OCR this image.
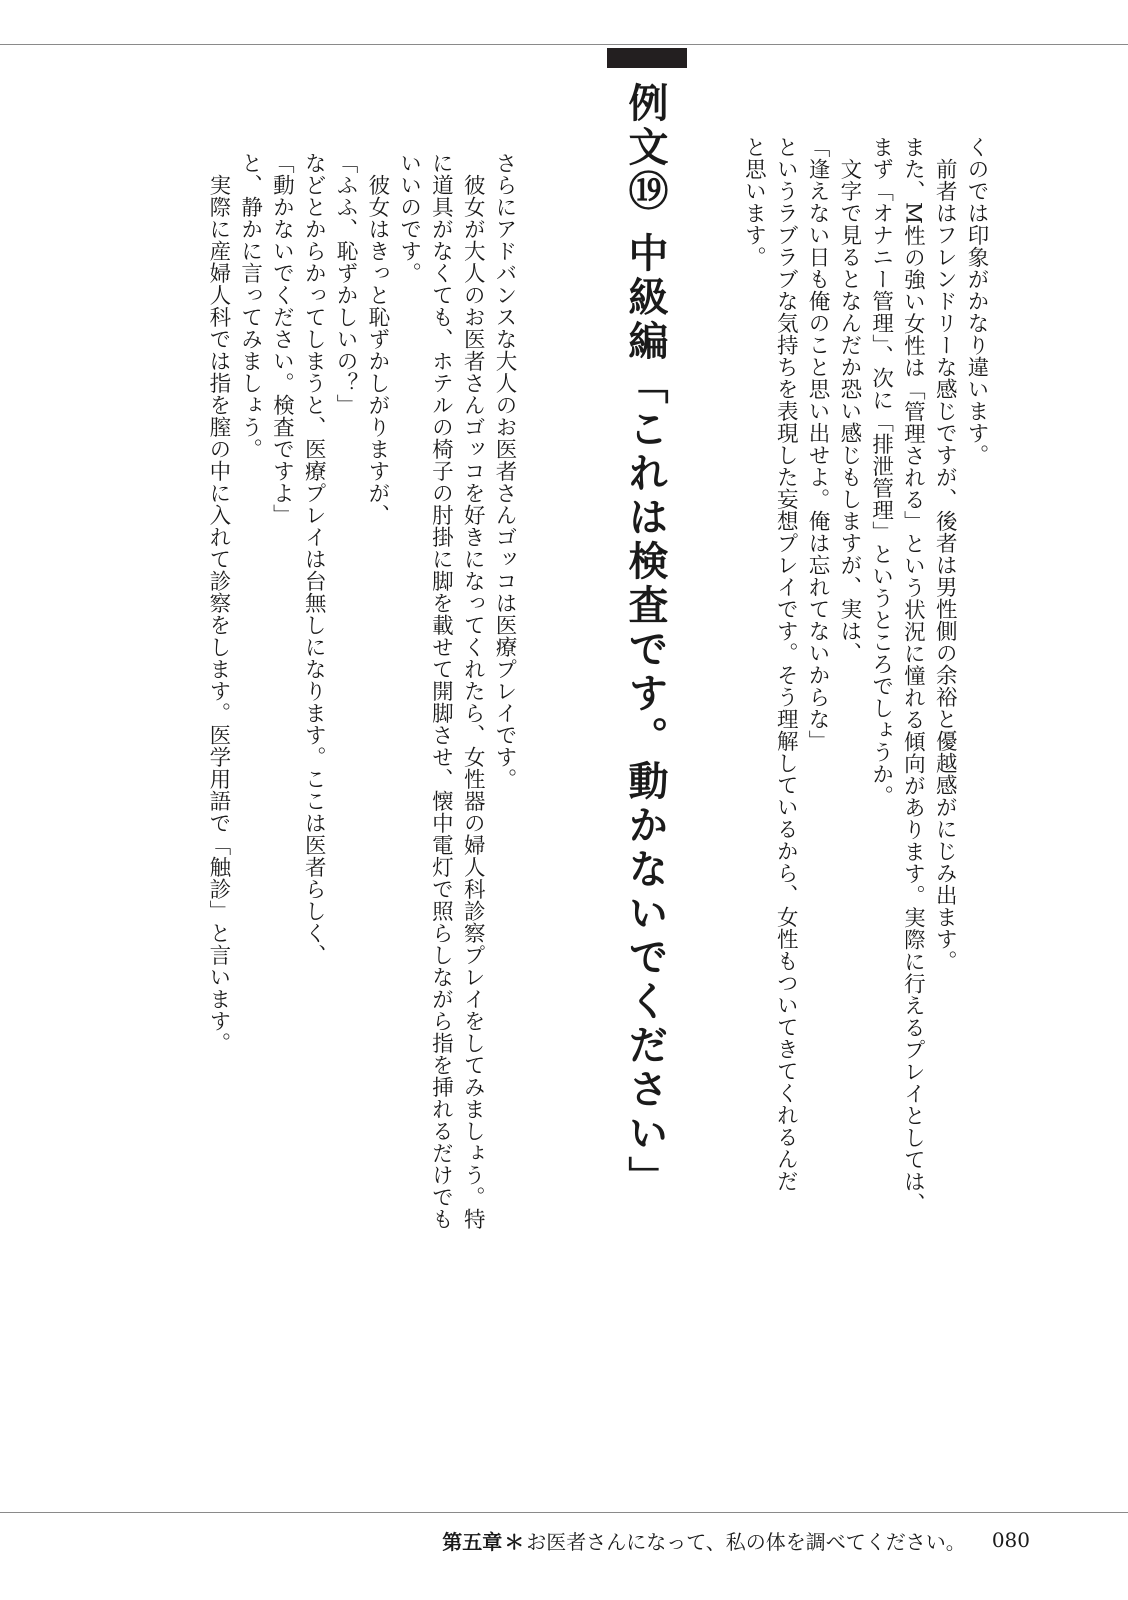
例文⑲ 中級編「これは検査です。動かないでください」	くのでは印象がかなり違います。

前者はフレンドリーな感じですが、後者は男性側の余裕と優越感がにじみ出ます。

また、M性の強い女性は「管理される」という状況に憧れる傾向があります。実際に行えるプレイとしては、

まず「オナニー管理」、次に「排泄管理」というところでしょうか。

文字で見るとなんだか恐い感じもしますが、実は、

「逢えない日も俺のこと思い出せよ。俺は忘れてないからな」

というラブラブな気持ちを表現した妄想プレイです。そう理解しているから、女性もついてきてくれるんだ

と思います。

さらにアドバンスな大人のお医者さんゴッコは医療プレイです。

彼女が大人のお医者さんゴッコを好きになってくれたら、女性器の婦人科診察プレイをしてみましょう。特

に道具がなくても、ホテルの椅子の肘掛に脚を載せて開脚させ、懐中電灯で照らしながら指を挿れるだけでも

いいのです。

彼女はきっと恥ずかしがりますが、

「ふふ、恥ずかしいの？」

などとからかってしまうと、医療プレイは台無しになります。ここは医者らしく、

「動かないでください。検査ですよ」

と、静かに言ってみましょう。

実際に産婦人科では指を膣の中に入れて診察をします。医学用語で「触診」と言います。

第五章 ＊ お医者さんになって、私の体を調べてください。 080
